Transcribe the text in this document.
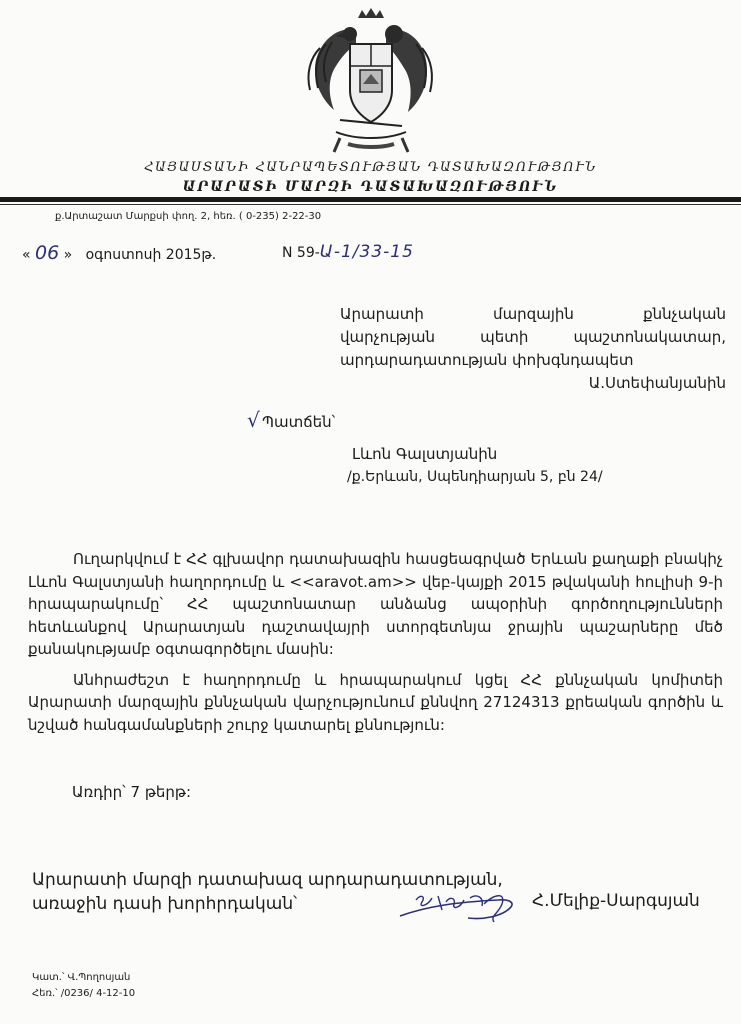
ՀԱՅԱՍՏԱՆԻ ՀԱՆՐԱՊԵՏՈՒԹՅԱՆ ԴԱՏԱԽԱԶՈՒԹՅՈՒՆ
ԱՐԱՐԱՏԻ ՄԱՐԶԻ ԴԱՏԱԽԱԶՈՒԹՅՈՒՆ
ք.Արտաշատ Մարքսի փող. 2, հեռ. ( 0-235) 2-22-30
« 06 » օգոստոսի 2015թ.	N 59-Ա-1/33-15
Արարատի մարզային քննչական
վարչության պետի պաշտոնակատար,
արդարադատության փոխգնդապետ
Ա.Ստեփանյանին
√ Պատճեն՝
Լևոն Գալստյանին
/ք.Երևան, Սպենդիարյան 5, բն 24/

Ուղարկվում է ՀՀ գլխավոր դատախազին հասցեագրված Երևան քաղաքի բնակիչ Լևոն Գալստյանի հաղորդումը և <<aravot.am>> վեբ-կայքի 2015 թվականի հուլիսի 9-ի հրապարակումը՝ ՀՀ պաշտոնատար անձանց ապօրինի գործողությունների հետևանքով Արարատյան դաշտավայրի ստորգետնյա ջրային պաշարները մեծ քանակությամբ օգտագործելու մասին:

Անհրաժեշտ է հաղորդումը և հրապարակում կցել ՀՀ քննչական կոմիտեի Արարատի մարզային քննչական վարչությունում քննվող 27124313 քրեական գործին և նշված հանգամանքների շուրջ կատարել քննություն:

Առդիր՝ 7 թերթ:
Արարատի մարզի դատախազ արդարադատության,
առաջին դասի խորհրդական՝	Հ.Մելիք-Սարգսյան
Կատ.՝ Վ.Պողոսյան
Հեռ.՝ /0236/ 4-12-10
